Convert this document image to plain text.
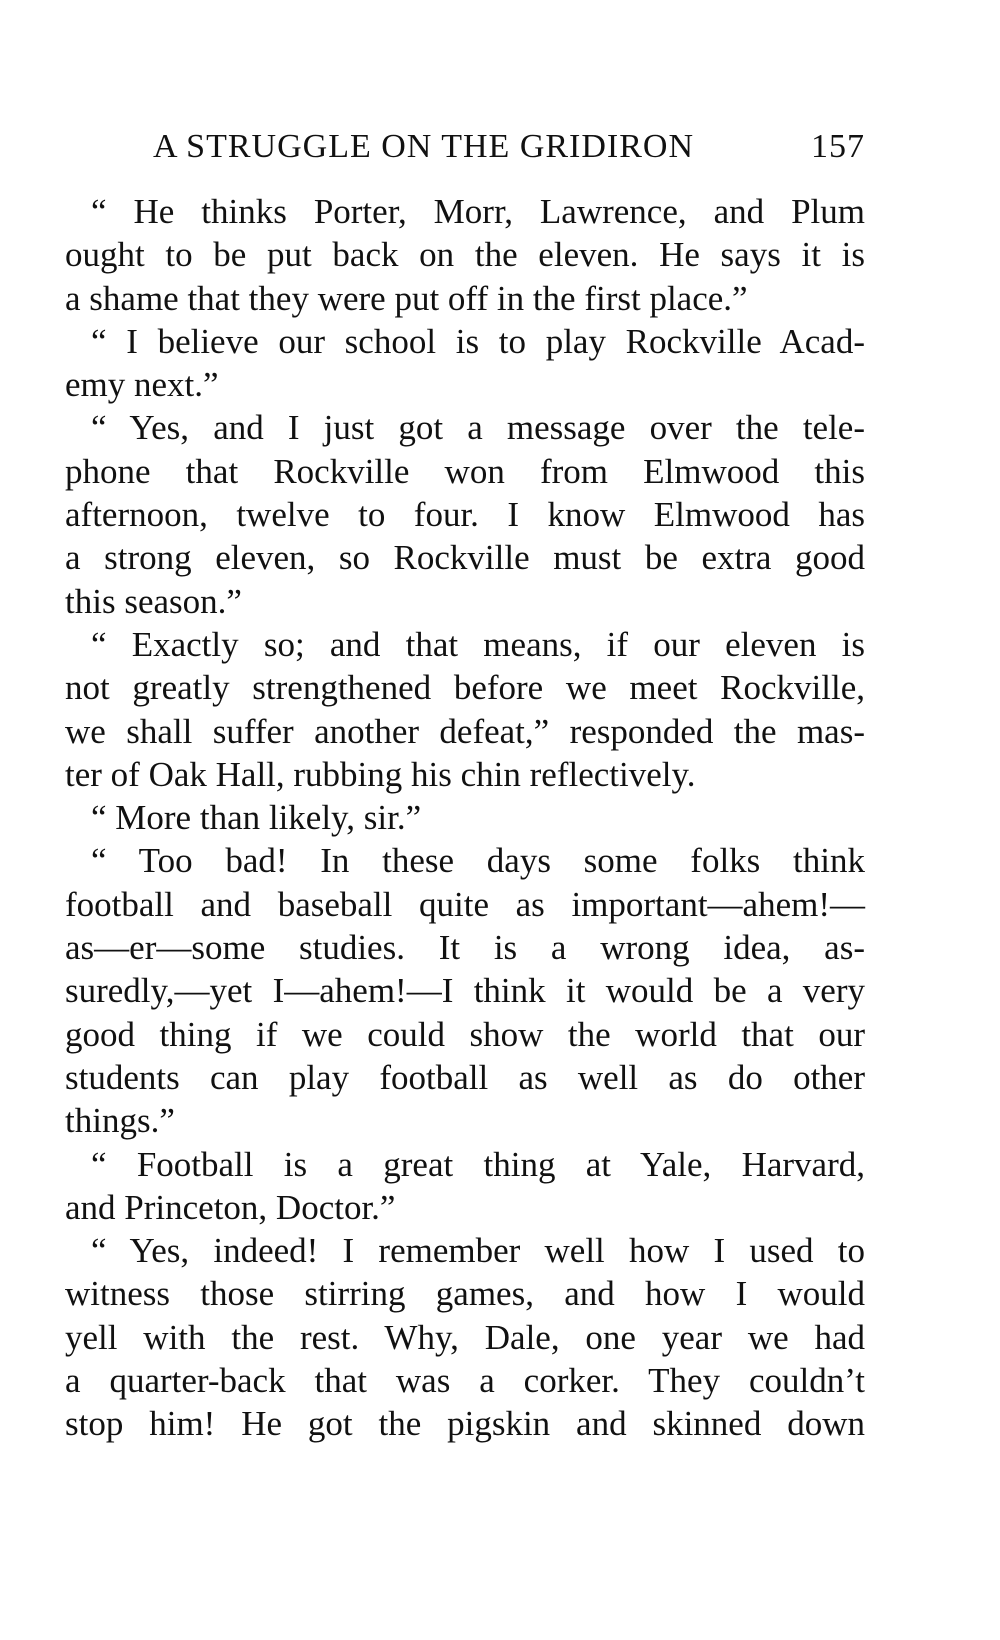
A STRUGGLE ON THE GRIDIRON	157
“ He thinks Porter, Morr, Lawrence, and Plum
ought to be put back on the eleven. He says it is
a shame that they were put off in the first place.”
“ I believe our school is to play Rockville Acad-
emy next.”
“ Yes, and I just got a message over the tele-
phone that Rockville won from Elmwood this
afternoon, twelve to four. I know Elmwood has
a strong eleven, so Rockville must be extra good
this season.”
“ Exactly so; and that means, if our eleven is
not greatly strengthened before we meet Rockville,
we shall suffer another defeat,” responded the mas-
ter of Oak Hall, rubbing his chin reflectively.
“ More than likely, sir.”
“ Too bad! In these days some folks think
football and baseball quite as important—ahem!—
as—er—some studies. It is a wrong idea, as-
suredly,—yet I—ahem!—I think it would be a very
good thing if we could show the world that our
students can play football as well as do other
things.”
“ Football is a great thing at Yale, Harvard,
and Princeton, Doctor.”
“ Yes, indeed! I remember well how I used to
witness those stirring games, and how I would
yell with the rest. Why, Dale, one year we had
a quarter-back that was a corker. They couldn’t
stop him! He got the pigskin and skinned down
